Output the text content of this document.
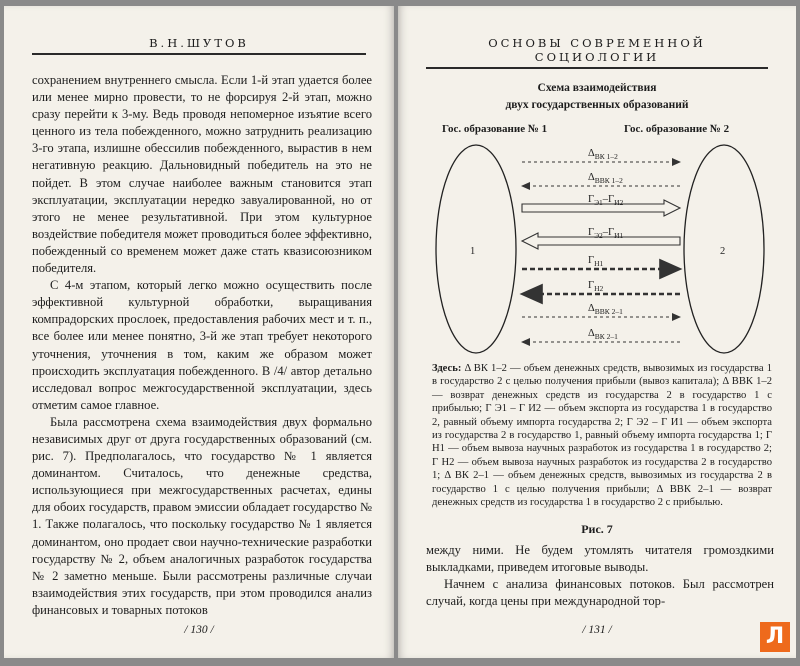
В.Н.ШУТОВ

сохранением внутреннего смысла. Если 1-й этап удается более или менее мирно провести, то не форсируя 2-й этап, можно сразу перейти к 3-му. Ведь проводя непомерное изъятие всего ценного из тела побежденного, можно затруднить реализацию 3-го этапа, излишне обессилив побежденного, вырастив в нем негативную реакцию. Дальновидный победитель на это не пойдет. В этом случае наиболее важным становится этап эксплуатации, эксплуатации нередко завуалированной, но от этого не менее результативной. При этом культурное воздействие победителя может проводиться более эффективно, побежденный со временем может даже стать квазисоюзником победителя.

С 4-м этапом, который легко можно осуществить после эффективной культурной обработки, выращивания компрадорских прослоек, предоставления рабочих мест и т. п., все более или менее понятно, 3-й же этап требует некоторого уточнения, уточнения в том, каким же образом может происходить эксплуатация побежденного. В /4/ автор детально исследовал вопрос межгосударственной эксплуатации, здесь отметим самое главное.

Была рассмотрена схема взаимодействия двух формально независимых друг от друга государственных образований (см. рис. 7). Предполагалось, что государство № 1 является доминантом. Считалось, что денежные средства, использующиеся при межгосударственных расчетах, едины для обоих государств, правом эмиссии обладает государство № 1. Также полагалось, что поскольку государство № 1 является доминантом, оно продает свои научно-технические разработки государству № 2, объем аналогичных разработок государства № 2 заметно меньше. Были рассмотрены различные случаи взаимодействия этих государств, при этом проводился анализ финансовых и товарных потоков

/ 130 /
ОСНОВЫ СОВРЕМЕННОЙ СОЦИОЛОГИИ
Схема взаимодействия
двух государственных образований
Гос. образование № 1	Гос. образование № 2
1	2
$\Delta_{ВК 1-2}$
$\Delta_{ВВК 1-2}$
$Г_{Э1}-Г_{И2}$
$Г_{Э2}-Г_{И1}$
$Г_{Н1}$
$Г_{Н2}$
$\Delta_{ВВК 2-1}$
$\Delta_{ВК 2-1}$
Здесь: Δ ВК 1–2 — объем денежных средств, вывозимых из государства 1 в государство 2 с целью получения прибыли (вывоз капитала); Δ ВВК 1–2 — возврат денежных средств из государства 2 в государство 1 с прибылью; Г Э1 – Г И2 — объем экспорта из государства 1 в государство 2, равный объему импорта государства 2; Г Э2 – Г И1 — объем экспорта из государства 2 в государство 1, равный объему импорта государства 1; Г Н1 — объем вывоза научных разработок из государства 1 в государство 2; Г Н2 — объем вывоза научных разработок из государства 2 в государство 1; Δ ВК 2–1 — объем денежных средств, вывозимых из государства 2 в государство 1 с целью получения прибыли; Δ ВВК 2–1 — возврат денежных средств из государства 1 в государство 2 с прибылью.
Рис. 7

между ними. Не будем утомлять читателя громоздкими выкладками, приведем итоговые выводы.

Начнем с анализа финансовых потоков. Был рассмотрен случай, когда цены при международной тор-

/ 131 /	Л
